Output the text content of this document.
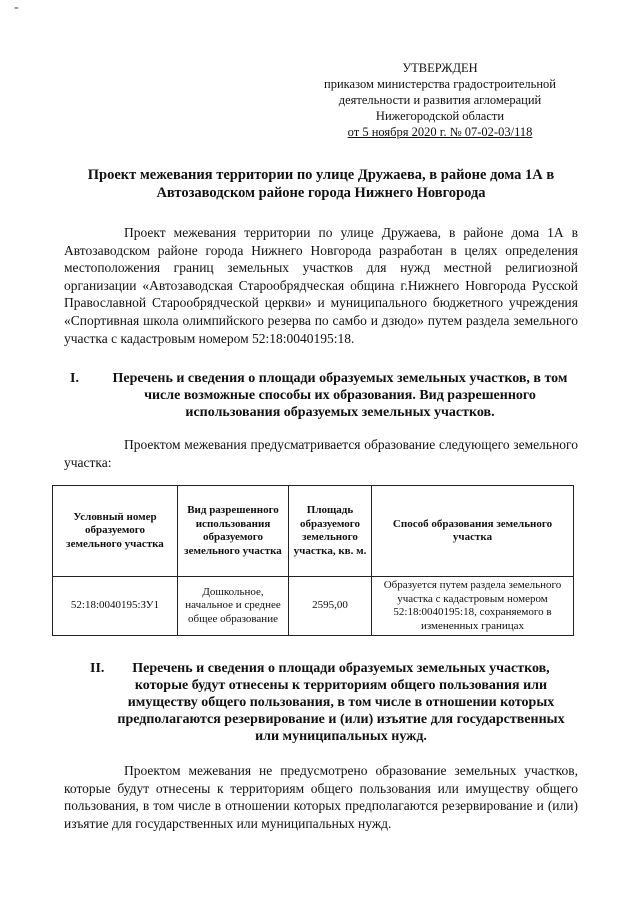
-
УТВЕРЖДЕН
приказом министерства градостроительной
деятельности и развития агломераций
Нижегородской области
от 5 ноября 2020 г. № 07-02-03/118
Проект межевания территории по улице Дружаева, в районе дома 1А в Автозаводском районе города Нижнего Новгорода
Проект межевания территории по улице Дружаева, в районе дома 1А в Автозаводском районе города Нижнего Новгорода разработан в целях определения местоположения границ земельных участков для нужд местной религиозной организации «Автозаводская Старообрядческая община г.Нижнего Новгорода Русской Православной Старообрядческой церкви» и муниципального бюджетного учреждения «Спортивная школа олимпийского резерва по самбо и дзюдо» путем раздела земельного участка с кадастровым номером 52:18:0040195:18.
I.	Перечень и сведения о площади образуемых земельных участков, в том числе возможные способы их образования. Вид разрешенного использования образуемых земельных участков.
Проектом межевания предусматривается образование следующего земельного участка:
Условный номер образуемого земельного участка	Вид разрешенного использования образуемого земельного участка	Площадь образуемого земельного участка, кв. м.	Способ образования земельного участка
52:18:0040195:ЗУ1	Дошкольное, начальное и среднее общее образование	2595,00	Образуется путем раздела земельного участка с кадастровым номером 52:18:0040195:18, сохраняемого в измененных границах
II.	Перечень и сведения о площади образуемых земельных участков, которые будут отнесены к территориям общего пользования или имуществу общего пользования, в том числе в отношении которых предполагаются резервирование и (или) изъятие для государственных или муниципальных нужд.
Проектом межевания не предусмотрено образование земельных участков, которые будут отнесены к территориям общего пользования или имуществу общего пользования, в том числе в отношении которых предполагаются резервирование и (или) изъятие для государственных или муниципальных нужд.
